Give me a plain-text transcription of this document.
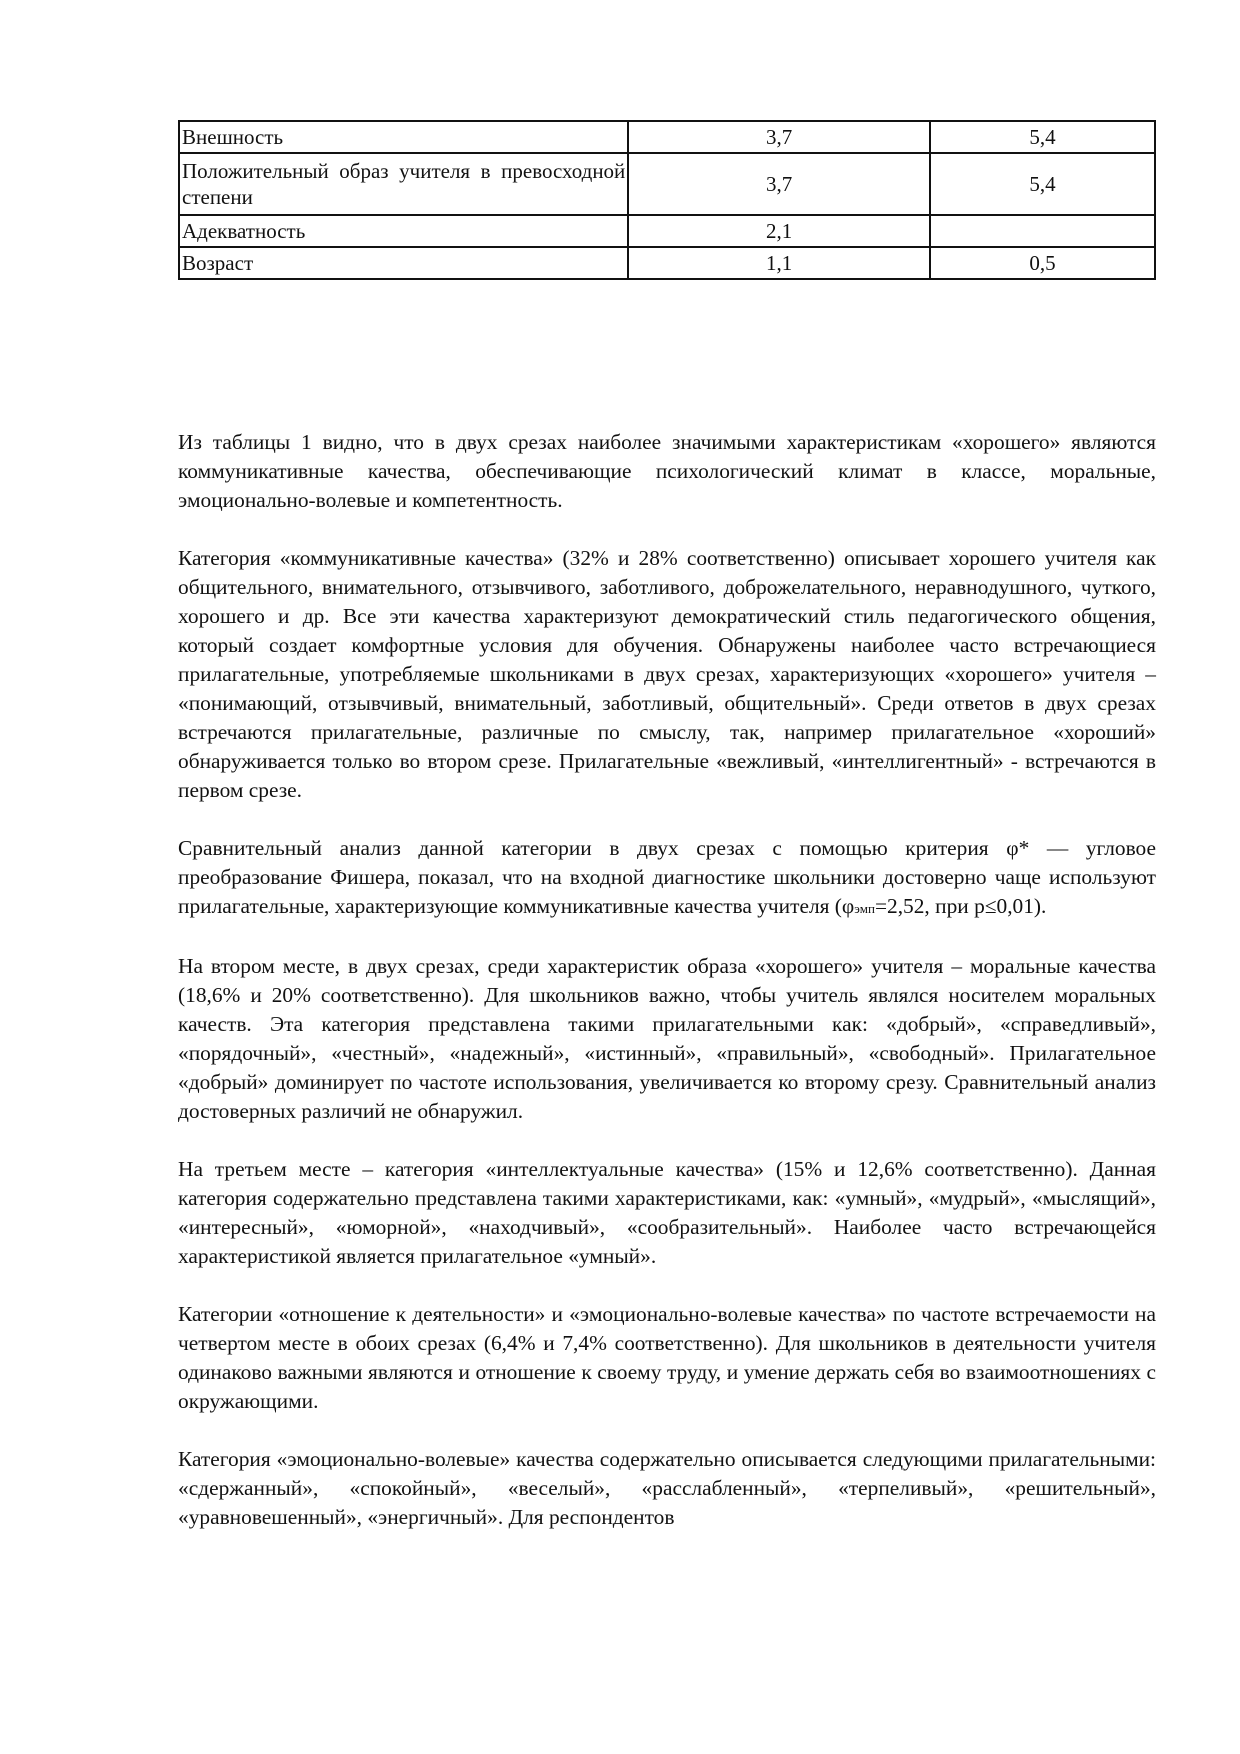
Внешность	3,7	5,4
Положительный образ учителя в превосходной степени	3,7	5,4
Адекватность	2,1	
Возраст	1,1	0,5

Из таблицы 1 видно, что в двух срезах наиболее значимыми характеристикам «хорошего» являются коммуникативные качества, обеспечивающие психологический климат в классе, моральные, эмоционально-волевые и компетентность.

Категория «коммуникативные качества» (32% и 28% соответственно) описывает хорошего учителя как общительного, внимательного, отзывчивого, заботливого, доброжелательного, неравнодушного, чуткого, хорошего и др. Все эти качества характеризуют демократический стиль педагогического общения, который создает комфортные условия для обучения. Обнаружены наиболее часто встречающиеся прилагательные, употребляемые школьниками в двух срезах, характеризующих «хорошего» учителя – «понимающий, отзывчивый, внимательный, заботливый, общительный». Среди ответов в двух срезах встречаются прилагательные, различные по смыслу, так, например прилагательное «хороший» обнаруживается только во втором срезе. Прилагательные «вежливый, «интеллигентный» - встречаются в первом срезе.

Сравнительный анализ данной категории в двух срезах с помощью критерия φ* — угловое преобразование Фишера, показал, что на входной диагностике школьники достоверно чаще используют прилагательные, характеризующие коммуникативные качества учителя (φэмп=2,52, при p≤0,01).

На втором месте, в двух срезах, среди характеристик образа «хорошего» учителя – моральные качества (18,6% и 20% соответственно). Для школьников важно, чтобы учитель являлся носителем моральных качеств. Эта категория представлена такими прилагательными как: «добрый», «справедливый», «порядочный», «честный», «надежный», «истинный», «правильный», «свободный». Прилагательное «добрый» доминирует по частоте использования, увеличивается ко второму срезу. Сравнительный анализ достоверных различий не обнаружил.

На третьем месте – категория «интеллектуальные качества» (15% и 12,6% соответственно). Данная категория содержательно представлена такими характеристиками, как: «умный», «мудрый», «мыслящий», «интересный», «юморной», «находчивый», «сообразительный». Наиболее часто встречающейся характеристикой является прилагательное «умный».

Категории «отношение к деятельности» и «эмоционально-волевые качества» по частоте встречаемости на четвертом месте в обоих срезах (6,4% и 7,4% соответственно). Для школьников в деятельности учителя одинаково важными являются и отношение к своему труду, и умение держать себя во взаимоотношениях с окружающими.

Категория «эмоционально-волевые» качества содержательно описывается следующими прилагательными: «сдержанный», «спокойный», «веселый», «расслабленный», «терпеливый», «решительный», «уравновешенный», «энергичный». Для респондентов
